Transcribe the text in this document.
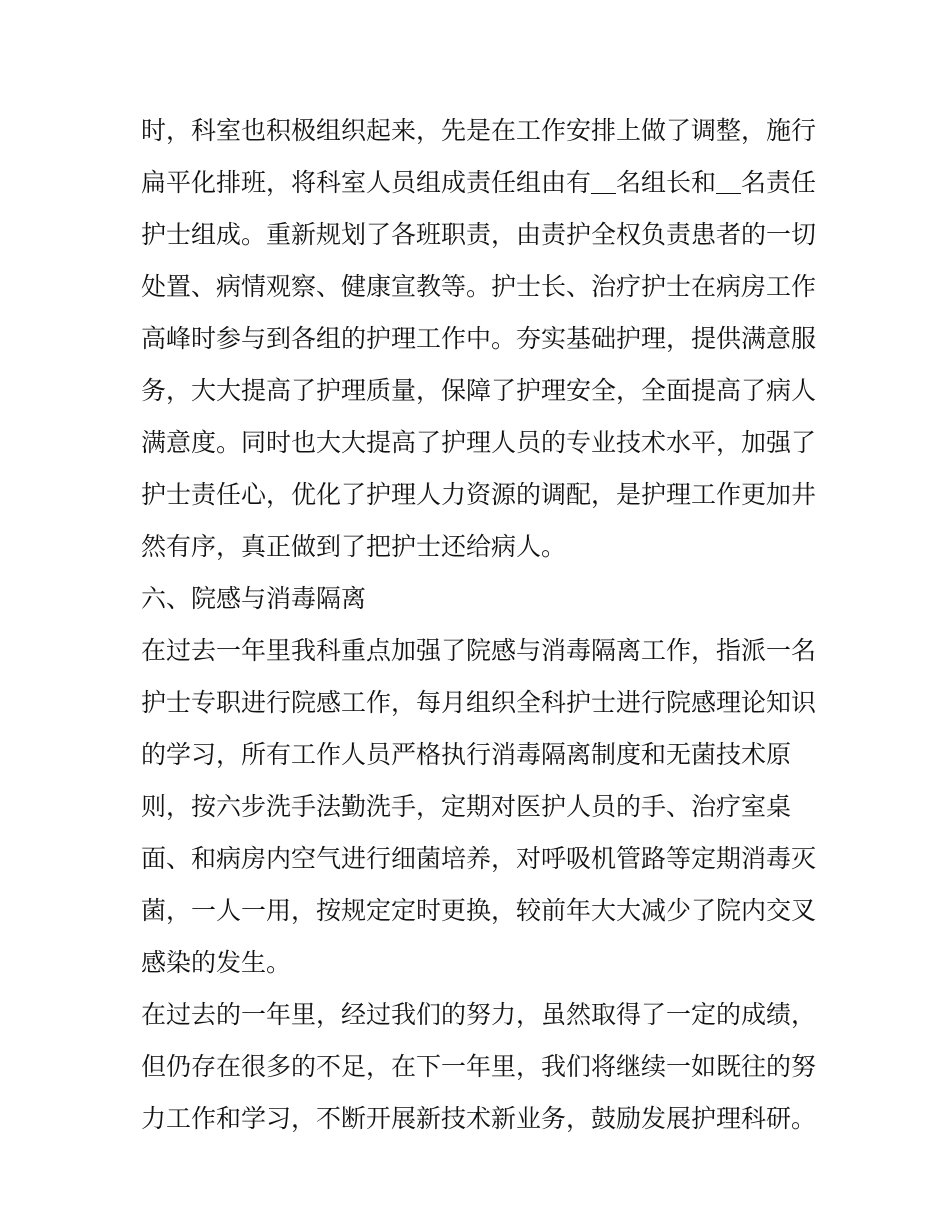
时，科室也积极组织起来，先是在工作安排上做了调整，施行
扁平化排班，将科室人员组成责任组由有＿名组长和＿名责任
护士组成。重新规划了各班职责，由责护全权负责患者的一切
处置、病情观察、健康宣教等。护士长、治疗护士在病房工作
高峰时参与到各组的护理工作中。夯实基础护理，提供满意服
务，大大提高了护理质量，保障了护理安全，全面提高了病人
满意度。同时也大大提高了护理人员的专业技术水平，加强了
护士责任心，优化了护理人力资源的调配，是护理工作更加井
然有序，真正做到了把护士还给病人。
六、院感与消毒隔离
在过去一年里我科重点加强了院感与消毒隔离工作，指派一名
护士专职进行院感工作，每月组织全科护士进行院感理论知识
的学习，所有工作人员严格执行消毒隔离制度和无菌技术原
则，按六步洗手法勤洗手，定期对医护人员的手、治疗室桌
面、和病房内空气进行细菌培养，对呼吸机管路等定期消毒灭
菌，一人一用，按规定定时更换，较前年大大减少了院内交叉
感染的发生。
在过去的一年里，经过我们的努力，虽然取得了一定的成绩，
但仍存在很多的不足，在下一年里，我们将继续一如既往的努
力工作和学习，不断开展新技术新业务，鼓励发展护理科研。
